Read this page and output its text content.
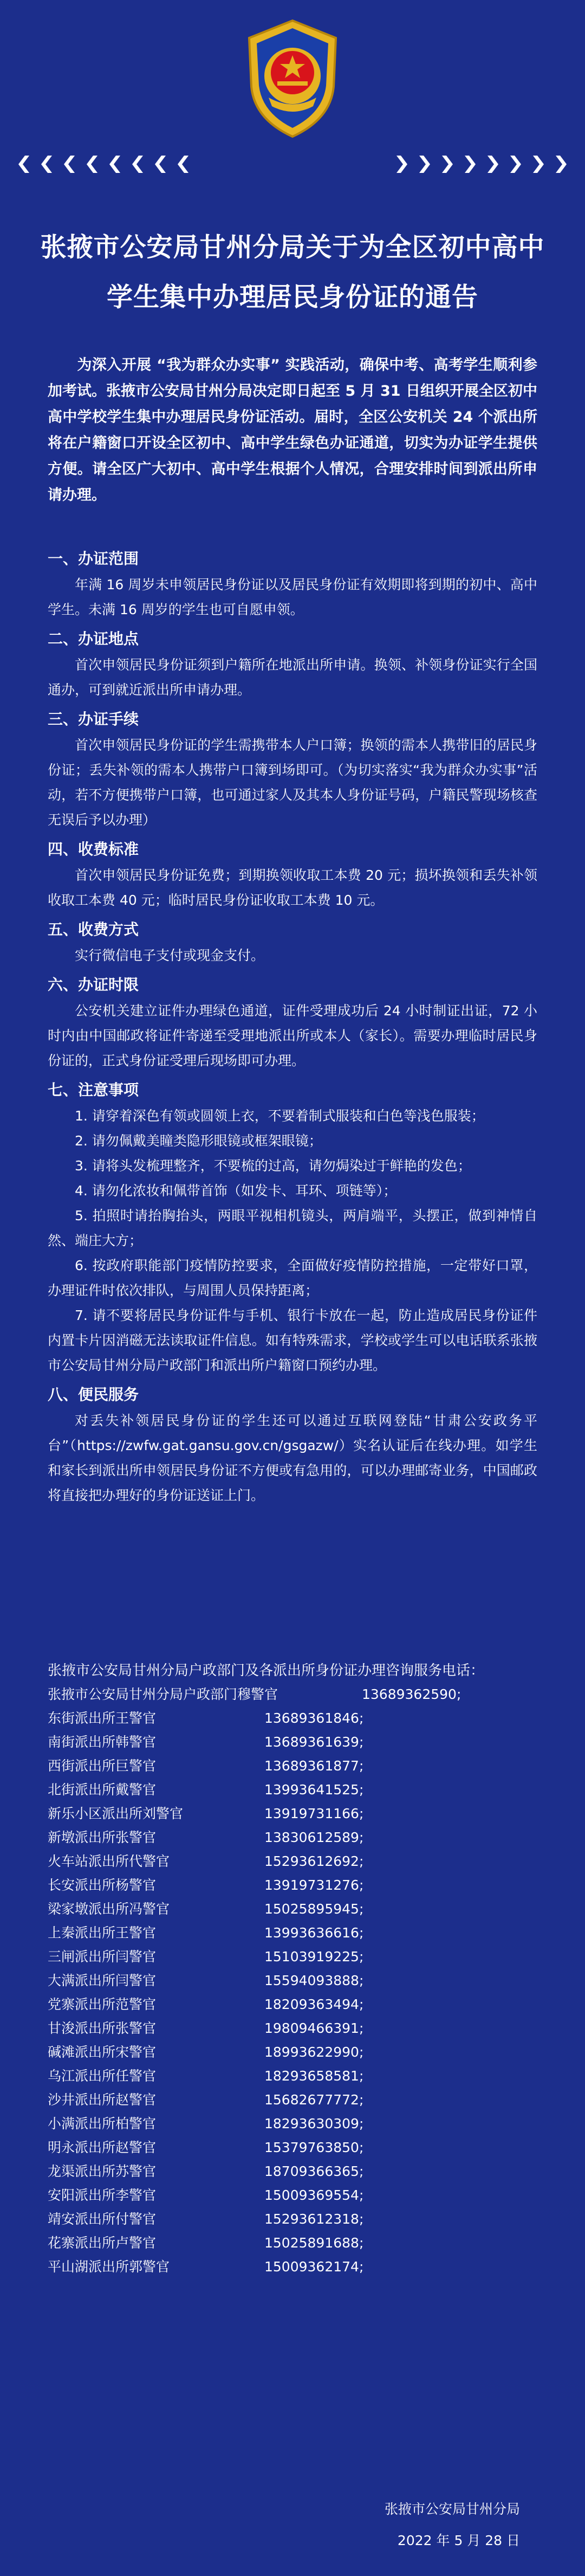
张掖市公安局甘州分局关于为全区初中高中
学生集中办理居民身份证的通告
为深入开展 “我为群众办实事” 实践活动，确保中考、高考学生顺利参加考试。张掖市公安局甘州分局决定即日起至 5 月 31 日组织开展全区初中高中学校学生集中办理居民身份证活动。届时，全区公安机关 24 个派出所将在户籍窗口开设全区初中、高中学生绿色办证通道，切实为办证学生提供方便。请全区广大初中、高中学生根据个人情况，合理安排时间到派出所申请办理。
一、办证范围
年满 16 周岁未申领居民身份证以及居民身份证有效期即将到期的初中、高中学生。未满 16 周岁的学生也可自愿申领。
二、办证地点
首次申领居民身份证须到户籍所在地派出所申请。换领、补领身份证实行全国通办，可到就近派出所申请办理。
三、办证手续
首次申领居民身份证的学生需携带本人户口簿；换领的需本人携带旧的居民身份证；丢失补领的需本人携带户口簿到场即可。（为切实落实“我为群众办实事”活动，若不方便携带户口簿，也可通过家人及其本人身份证号码，户籍民警现场核查无误后予以办理）
四、收费标准
首次申领居民身份证免费；到期换领收取工本费 20 元；损坏换领和丢失补领收取工本费 40 元；临时居民身份证收取工本费 10 元。
五、收费方式
实行微信电子支付或现金支付。
六、办证时限
公安机关建立证件办理绿色通道，证件受理成功后 24 小时制证出证，72 小时内由中国邮政将证件寄递至受理地派出所或本人（家长）。需要办理临时居民身份证的，正式身份证受理后现场即可办理。
七、注意事项
1. 请穿着深色有领或圆领上衣，不要着制式服装和白色等浅色服装；
2. 请勿佩戴美瞳类隐形眼镜或框架眼镜；
3. 请将头发梳理整齐，不要梳的过高，请勿焗染过于鲜艳的发色；
4. 请勿化浓妆和佩带首饰（如发卡、耳环、项链等）；
5. 拍照时请抬胸抬头，两眼平视相机镜头，两肩端平，头摆正，做到神情自然、端庄大方；
6. 按政府职能部门疫情防控要求，全面做好疫情防控措施，一定带好口罩，办理证件时依次排队，与周围人员保持距离；
7. 请不要将居民身份证件与手机、银行卡放在一起，防止造成居民身份证件内置卡片因消磁无法读取证件信息。如有特殊需求，学校或学生可以电话联系张掖市公安局甘州分局户政部门和派出所户籍窗口预约办理。
八、便民服务
对丢失补领居民身份证的学生还可以通过互联网登陆“甘肃公安政务平台”（https://zwfw.gat.gansu.gov.cn/gsgazw/）实名认证后在线办理。如学生和家长到派出所申领居民身份证不方便或有急用的，可以办理邮寄业务，中国邮政将直接把办理好的身份证送证上门。
张掖市公安局甘州分局户政部门及各派出所身份证办理咨询服务电话：
张掖市公安局甘州分局户政部门穆警官	13689362590;
东街派出所王警官	13689361846;
南街派出所韩警官	13689361639;
西街派出所巨警官	13689361877;
北街派出所戴警官	13993641525;
新乐小区派出所刘警官	13919731166;
新墩派出所张警官	13830612589;
火车站派出所代警官	15293612692;
长安派出所杨警官	13919731276;
梁家墩派出所冯警官	15025895945;
上秦派出所王警官	13993636616;
三闸派出所闫警官	15103919225;
大满派出所闫警官	15594093888;
党寨派出所范警官	18209363494;
甘浚派出所张警官	19809466391;
碱滩派出所宋警官	18993622990;
乌江派出所任警官	18293658581;
沙井派出所赵警官	15682677772;
小满派出所柏警官	18293630309;
明永派出所赵警官	15379763850;
龙渠派出所苏警官	18709366365;
安阳派出所李警官	15009369554;
靖安派出所付警官	15293612318;
花寨派出所卢警官	15025891688;
平山湖派出所郭警官	15009362174;
张掖市公安局甘州分局
2022 年 5 月 28 日
